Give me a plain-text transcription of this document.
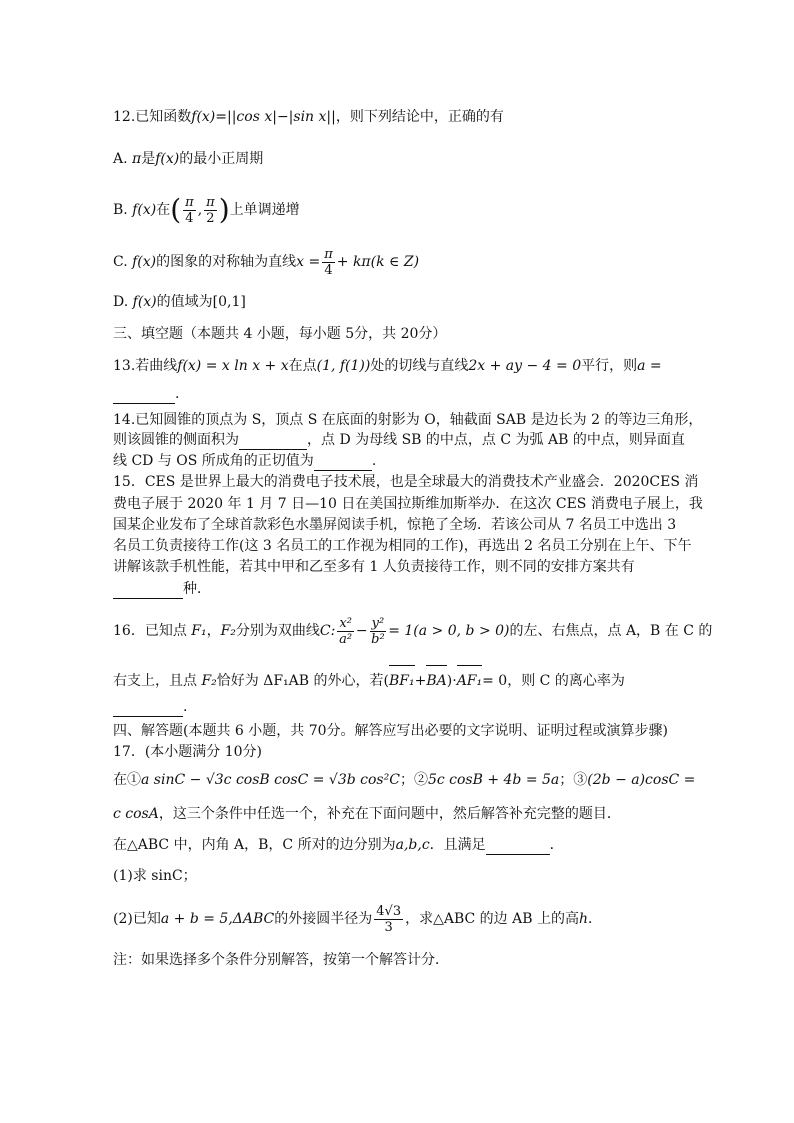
12.已知函数f(x)=||cos x|−|sin x||，则下列结论中，正确的有
A. π是f(x)的最小正周期
B. f(x)在( $\frac{\pi}{4}$ , $\frac{\pi}{2}$ )上单调递增
C. f(x)的图象的对称轴为直线$x = \frac{\pi}{4} + k\pi(k$ ∈ Z)
D. f(x)的值域为[0,1]
三、填空题（本题共 4 小题，每小题 5分，共 20分）
13.若曲线f(x) = x ln x + x在点(1, f(1))处的切线与直线2x + ay − 4 = 0平行，则a =
.
14.已知圆锥的顶点为 S，顶点 S 在底面的射影为 O，轴截面 SAB 是边长为 2 的等边三角形，
则该圆锥的侧面积为	，点 D 为母线 SB 的中点，点 C 为弧 AB 的中点，则异面直
线 CD 与 OS 所成角的正切值为	.
15．CES 是世界上最大的消费电子技术展，也是全球最大的消费技术产业盛会．2020CES 消
费电子展于 2020 年 1 月 7 日—10 日在美国拉斯维加斯举办．在这次 CES 消费电子展上，我
国某企业发布了全球首款彩色水墨屏阅读手机，惊艳了全场．若该公司从 7 名员工中选出 3
名员工负责接待工作(这 3 名员工的工作视为相同的工作)，再选出 2 名员工分别在上午、下午
讲解该款手机性能，若其中甲和乙至多有 1 人负责接待工作，则不同的安排方案共有
种．
16．已知点 F₁，F₂分别为双曲线C: $\frac{\text{x²}}{\text{a²}} - \frac{\text{y²}}{\text{b²}} = 1(a > 0$, b > 0)的左、右焦点，点 A，B 在 C 的
右支上，且点 F₂恰好为 ΔF₁AB 的外心，若(BF₁+BA)·AF₁= 0，则 C 的离心率为
.
四、解答题(本题共 6 小题，共 70分。解答应写出必要的文字说明、证明过程或演算步骤)
17．(本小题满分 10分)
在①a sinC − √3c cosB cosC = √3b cos²C；②5c cosB + 4b = 5a；③(2b − a)cosC =
c cosA，这三个条件中任选一个，补充在下面问题中，然后解答补充完整的题目．
在△ABC 中，内角 A，B，C 所对的边分别为a,b,c．且满足	．
(1)求 sinC；
(2)已知a + b = 5,ΔABC的外接圆半径为 $\frac{4√3}{3}$ ，求△ABC 的边 AB 上的高h．
注：如果选择多个条件分别解答，按第一个解答计分．
